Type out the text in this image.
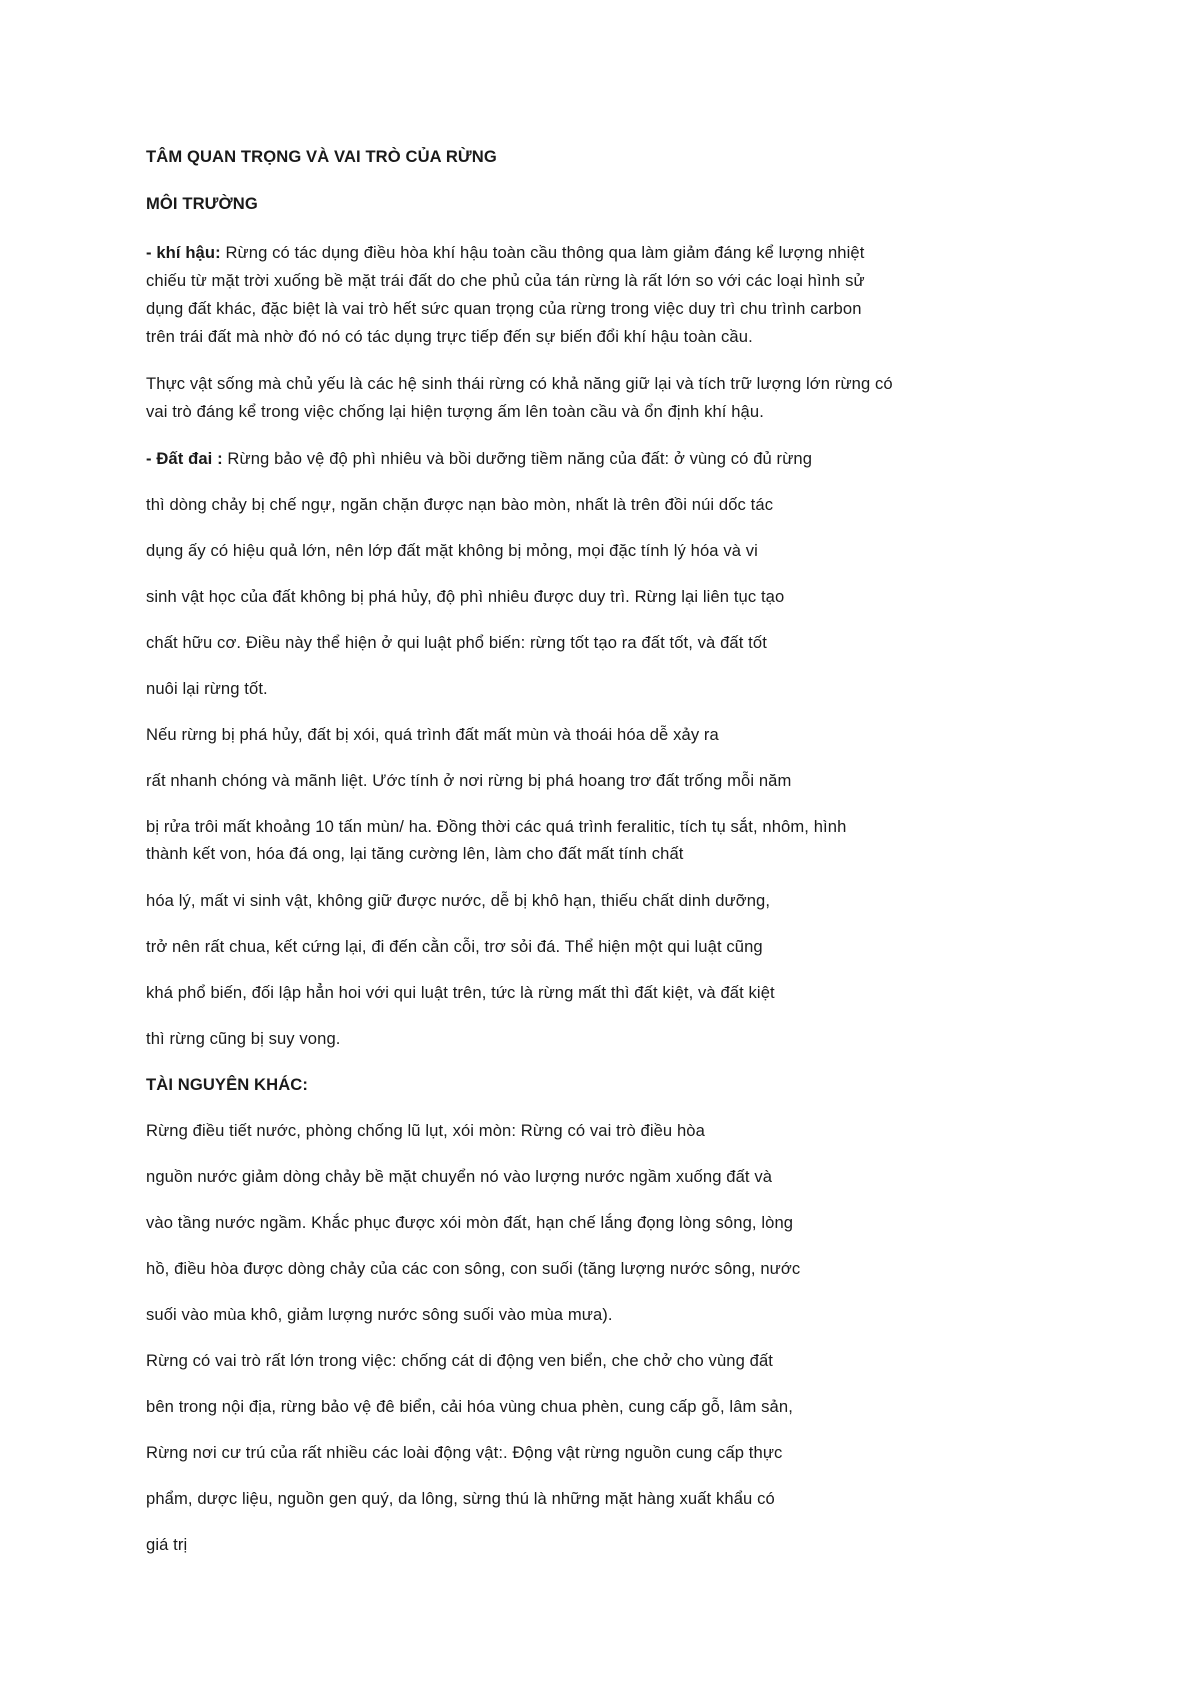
TÂM QUAN TRỌNG VÀ VAI TRÒ CỦA RỪNG
MÔI TRƯỜNG
- khí hậu: Rừng có tác dụng điều hòa khí hậu toàn cầu thông qua làm giảm đáng kể lượng nhiệt
chiếu từ mặt trời xuống bề mặt trái đất do che phủ của tán rừng là rất lớn so với các loại hình sử
dụng đất khác, đặc biệt là vai trò hết sức quan trọng của rừng trong việc duy trì chu trình carbon
trên trái đất mà nhờ đó nó có tác dụng trực tiếp đến sự biến đổi khí hậu toàn cầu.
Thực vật sống mà chủ yếu là các hệ sinh thái rừng có khả năng giữ lại và tích trữ lượng lớn rừng có
vai trò đáng kể trong việc chống lại hiện tượng ấm lên toàn cầu và ổn định khí hậu.
- Đất đai : Rừng bảo vệ độ phì nhiêu và bồi dưỡng tiềm năng của đất: ở vùng có đủ rừng
thì dòng chảy bị chế ngự, ngăn chặn được nạn bào mòn, nhất là trên đồi núi dốc tác
dụng ấy có hiệu quả lớn, nên lớp đất mặt không bị mỏng, mọi đặc tính lý hóa và vi
sinh vật học của đất không bị phá hủy, độ phì nhiêu được duy trì. Rừng lại liên tục tạo
chất hữu cơ. Điều này thể hiện ở qui luật phổ biến: rừng tốt tạo ra đất tốt, và đất tốt
nuôi lại rừng tốt.
Nếu rừng bị phá hủy, đất bị xói, quá trình đất mất mùn và thoái hóa dễ xảy ra
rất nhanh chóng và mãnh liệt. Ước tính ở nơi rừng bị phá hoang trơ đất trống mỗi năm
bị rửa trôi mất khoảng 10 tấn mùn/ ha. Đồng thời các quá trình feralitic, tích tụ sắt, nhôm, hình
thành kết von, hóa đá ong, lại tăng cường lên, làm cho đất mất tính chất
hóa lý, mất vi sinh vật, không giữ được nước, dễ bị khô hạn, thiếu chất dinh dưỡng,
trở nên rất chua, kết cứng lại, đi đến cằn cỗi, trơ sỏi đá. Thể hiện một qui luật cũng
khá phổ biến, đối lập hẳn hoi với qui luật trên, tức là rừng mất thì đất kiệt, và đất kiệt
thì rừng cũng bị suy vong.
TÀI NGUYÊN KHÁC:
Rừng điều tiết nước, phòng chống lũ lụt, xói mòn: Rừng có vai trò điều hòa
nguồn nước giảm dòng chảy bề mặt chuyển nó vào lượng nước ngầm xuống đất và
vào tầng nước ngầm. Khắc phục được xói mòn đất, hạn chế lắng đọng lòng sông, lòng
hồ, điều hòa được dòng chảy của các con sông, con suối (tăng lượng nước sông, nước
suối vào mùa khô, giảm lượng nước sông suối vào mùa mưa).
Rừng có vai trò rất lớn trong việc: chống cát di động ven biển, che chở cho vùng đất
bên trong nội địa, rừng bảo vệ đê biển, cải hóa vùng chua phèn, cung cấp gỗ, lâm sản,
Rừng nơi cư trú của rất nhiều các loài động vật:. Động vật rừng nguồn cung cấp thực
phẩm, dược liệu, nguồn gen quý, da lông, sừng thú là những mặt hàng xuất khẩu có
giá trị
